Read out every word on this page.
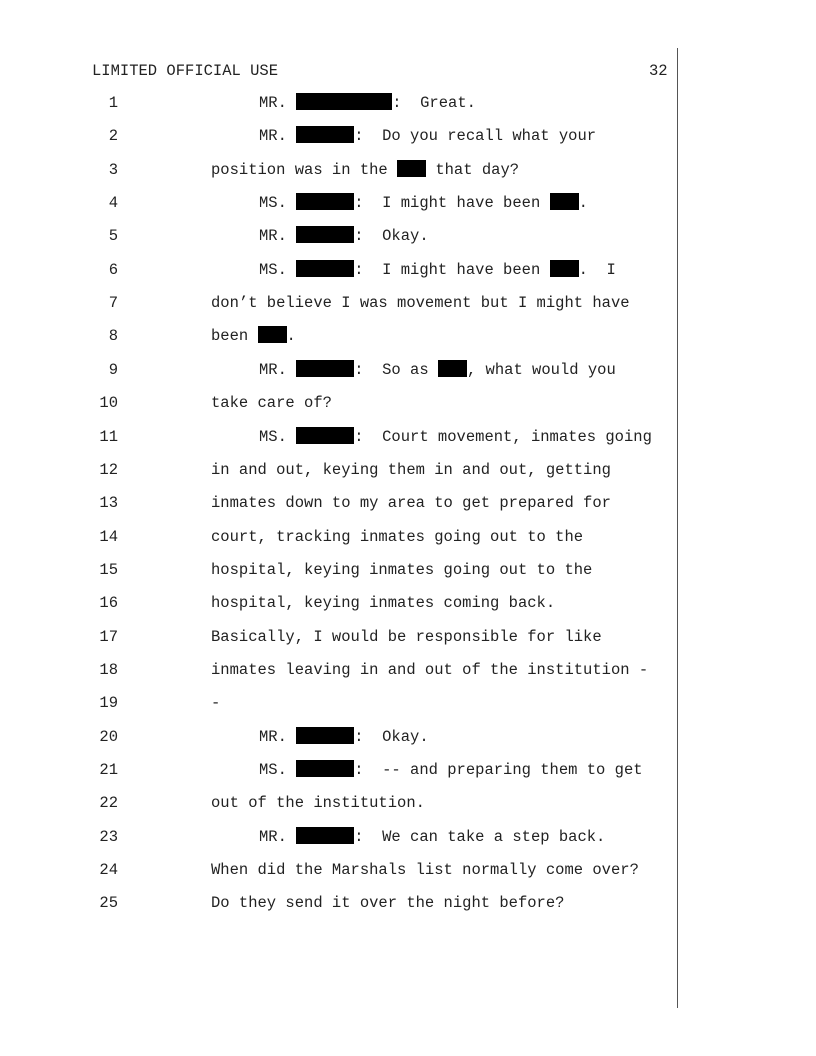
LIMITED OFFICIAL USE	32
1	MR.	:  Great.
2	MR.	:  Do you recall what your
3	position was in the  that day?
4	MS.	:  I might have been .
5	MR.	:  Okay.
6	MS.	:  I might have been .  I
7	don’t believe I was movement but I might have
8	been .
9	MR.	:  So as , what would you
10	take care of?
11	MS.	:  Court movement, inmates going
12	in and out, keying them in and out, getting
13	inmates down to my area to get prepared for
14	court, tracking inmates going out to the
15	hospital, keying inmates going out to the
16	hospital, keying inmates coming back.
17	Basically, I would be responsible for like
18	inmates leaving in and out of the institution -
19	-
20	MR.	:  Okay.
21	MS.	:  -- and preparing them to get
22	out of the institution.
23	MR.	:  We can take a step back.
24	When did the Marshals list normally come over?
25	Do they send it over the night before?
